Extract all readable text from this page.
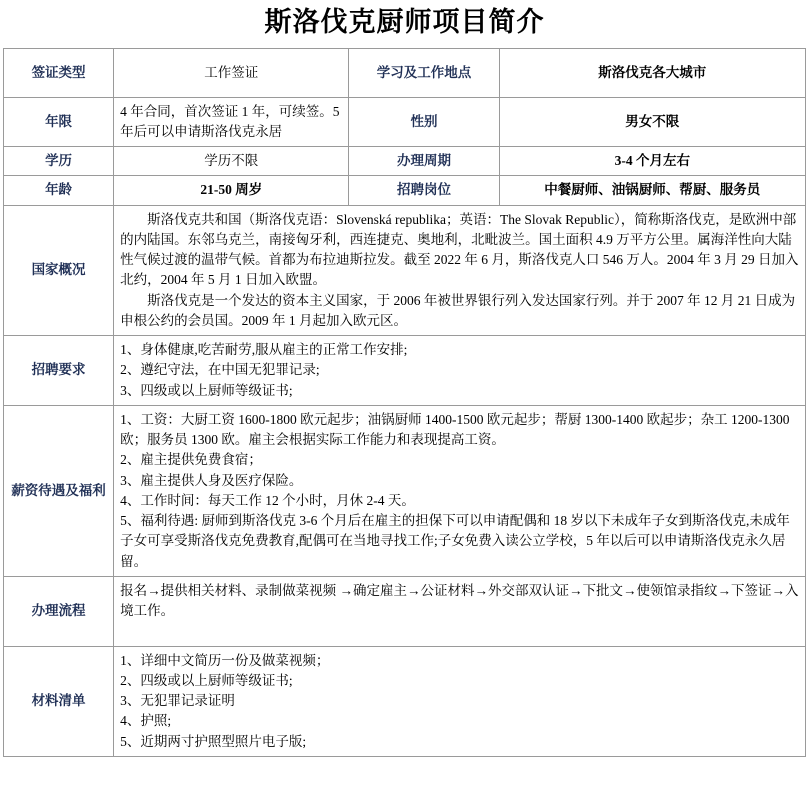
斯洛伐克厨师项目简介
签证类型	工作签证	学习及工作地点	斯洛伐克各大城市
年限	4 年合同，首次签证 1 年，可续签。5 年后可以申请斯洛伐克永居	性别	男女不限
学历	学历不限	办理周期	3-4 个月左右
年龄	21-50 周岁	招聘岗位	中餐厨师、油锅厨师、帮厨、服务员
国家概况	斯洛伐克共和国（斯洛伐克语：Slovenská republika；英语：The Slovak Republic），简称斯洛伐克，是欧洲中部的内陆国。东邻乌克兰，南接匈牙利，西连捷克、奥地利，北毗波兰。国土面积 4.9 万平方公里。属海洋性向大陆性气候过渡的温带气候。首都为布拉迪斯拉发。截至 2022 年 6 月，斯洛伐克人口 546 万人。2004 年 3 月 29 日加入北约，2004 年 5 月 1 日加入欧盟。

斯洛伐克是一个发达的资本主义国家，于 2006 年被世界银行列入发达国家行列。并于 2007 年 12 月 21 日成为申根公约的会员国。2009 年 1 月起加入欧元区。		

招聘要求	1、身体健康,吃苦耐劳,服从雇主的正常工作安排;

2、遵纪守法，在中国无犯罪记录;

3、四级或以上厨师等级证书;		

薪资待遇及福利	1、工资：大厨工资 1600-1800 欧元起步；油锅厨师 1400-1500 欧元起步；帮厨 1300-1400 欧起步；杂工 1200-1300 欧；服务员 1300 欧。雇主会根据实际工作能力和表现提高工资。

2、雇主提供免费食宿；

3、雇主提供人身及医疗保险。

4、工作时间：每天工作 12 个小时，月休 2-4 天。

5、福利待遇: 厨师到斯洛伐克 3-6 个月后在雇主的担保下可以申请配偶和 18 岁以下未成年子女到斯洛伐克,未成年子女可享受斯洛伐克免费教育,配偶可在当地寻找工作;子女免费入读公立学校，5 年以后可以申请斯洛伐克永久居留。		

办理流程	报名→提供相关材料、录制做菜视频 →确定雇主→公证材料→外交部双认证→下批文→使领馆录指纹→下签证→入境工作。		

材料清单	1、详细中文简历一份及做菜视频；

2、四级或以上厨师等级证书;

3、无犯罪记录证明

4、护照;

5、近期两寸护照型照片电子版;		
